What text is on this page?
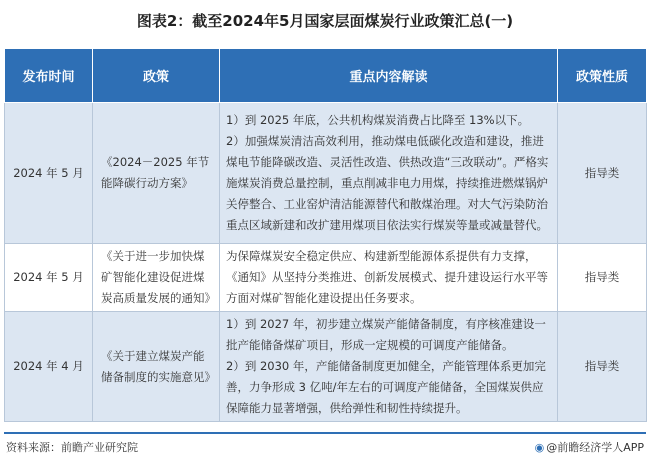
图表2：截至2024年5月国家层面煤炭行业政策汇总(一)
发布时间	政策	重点内容解读	政策性质
2024 年 5 月	《2024－2025 年节能降碳行动方案》	1）到 2025 年底，公共机构煤炭消费占比降至 13%以下。
2）加强煤炭清洁高效利用，推动煤电低碳化改造和建设，推进煤电节能降碳改造、灵活性改造、供热改造“三改联动”。严格实施煤炭消费总量控制，重点削减非电力用煤，持续推进燃煤锅炉关停整合、工业窑炉清洁能源替代和散煤治理。对大气污染防治重点区域新建和改扩建用煤项目依法实行煤炭等量或减量替代。	指导类
2024 年 5 月	《关于进一步加快煤矿智能化建设促进煤炭高质量发展的通知》	为保障煤炭安全稳定供应、构建新型能源体系提供有力支撑，《通知》从坚持分类推进、创新发展模式、提升建设运行水平等方面对煤矿智能化建设提出任务要求。	指导类
2024 年 4 月	《关于建立煤炭产能储备制度的实施意见》	1）到 2027 年，初步建立煤炭产能储备制度，有序核准建设一批产能储备煤矿项目，形成一定规模的可调度产能储备。
2）到 2030 年，产能储备制度更加健全，产能管理体系更加完善，力争形成 3 亿吨/年左右的可调度产能储备，全国煤炭供应保障能力显著增强，供给弹性和韧性持续提升。	指导类
资料来源：前瞻产业研究院	◉ @前瞻经济学人APP
